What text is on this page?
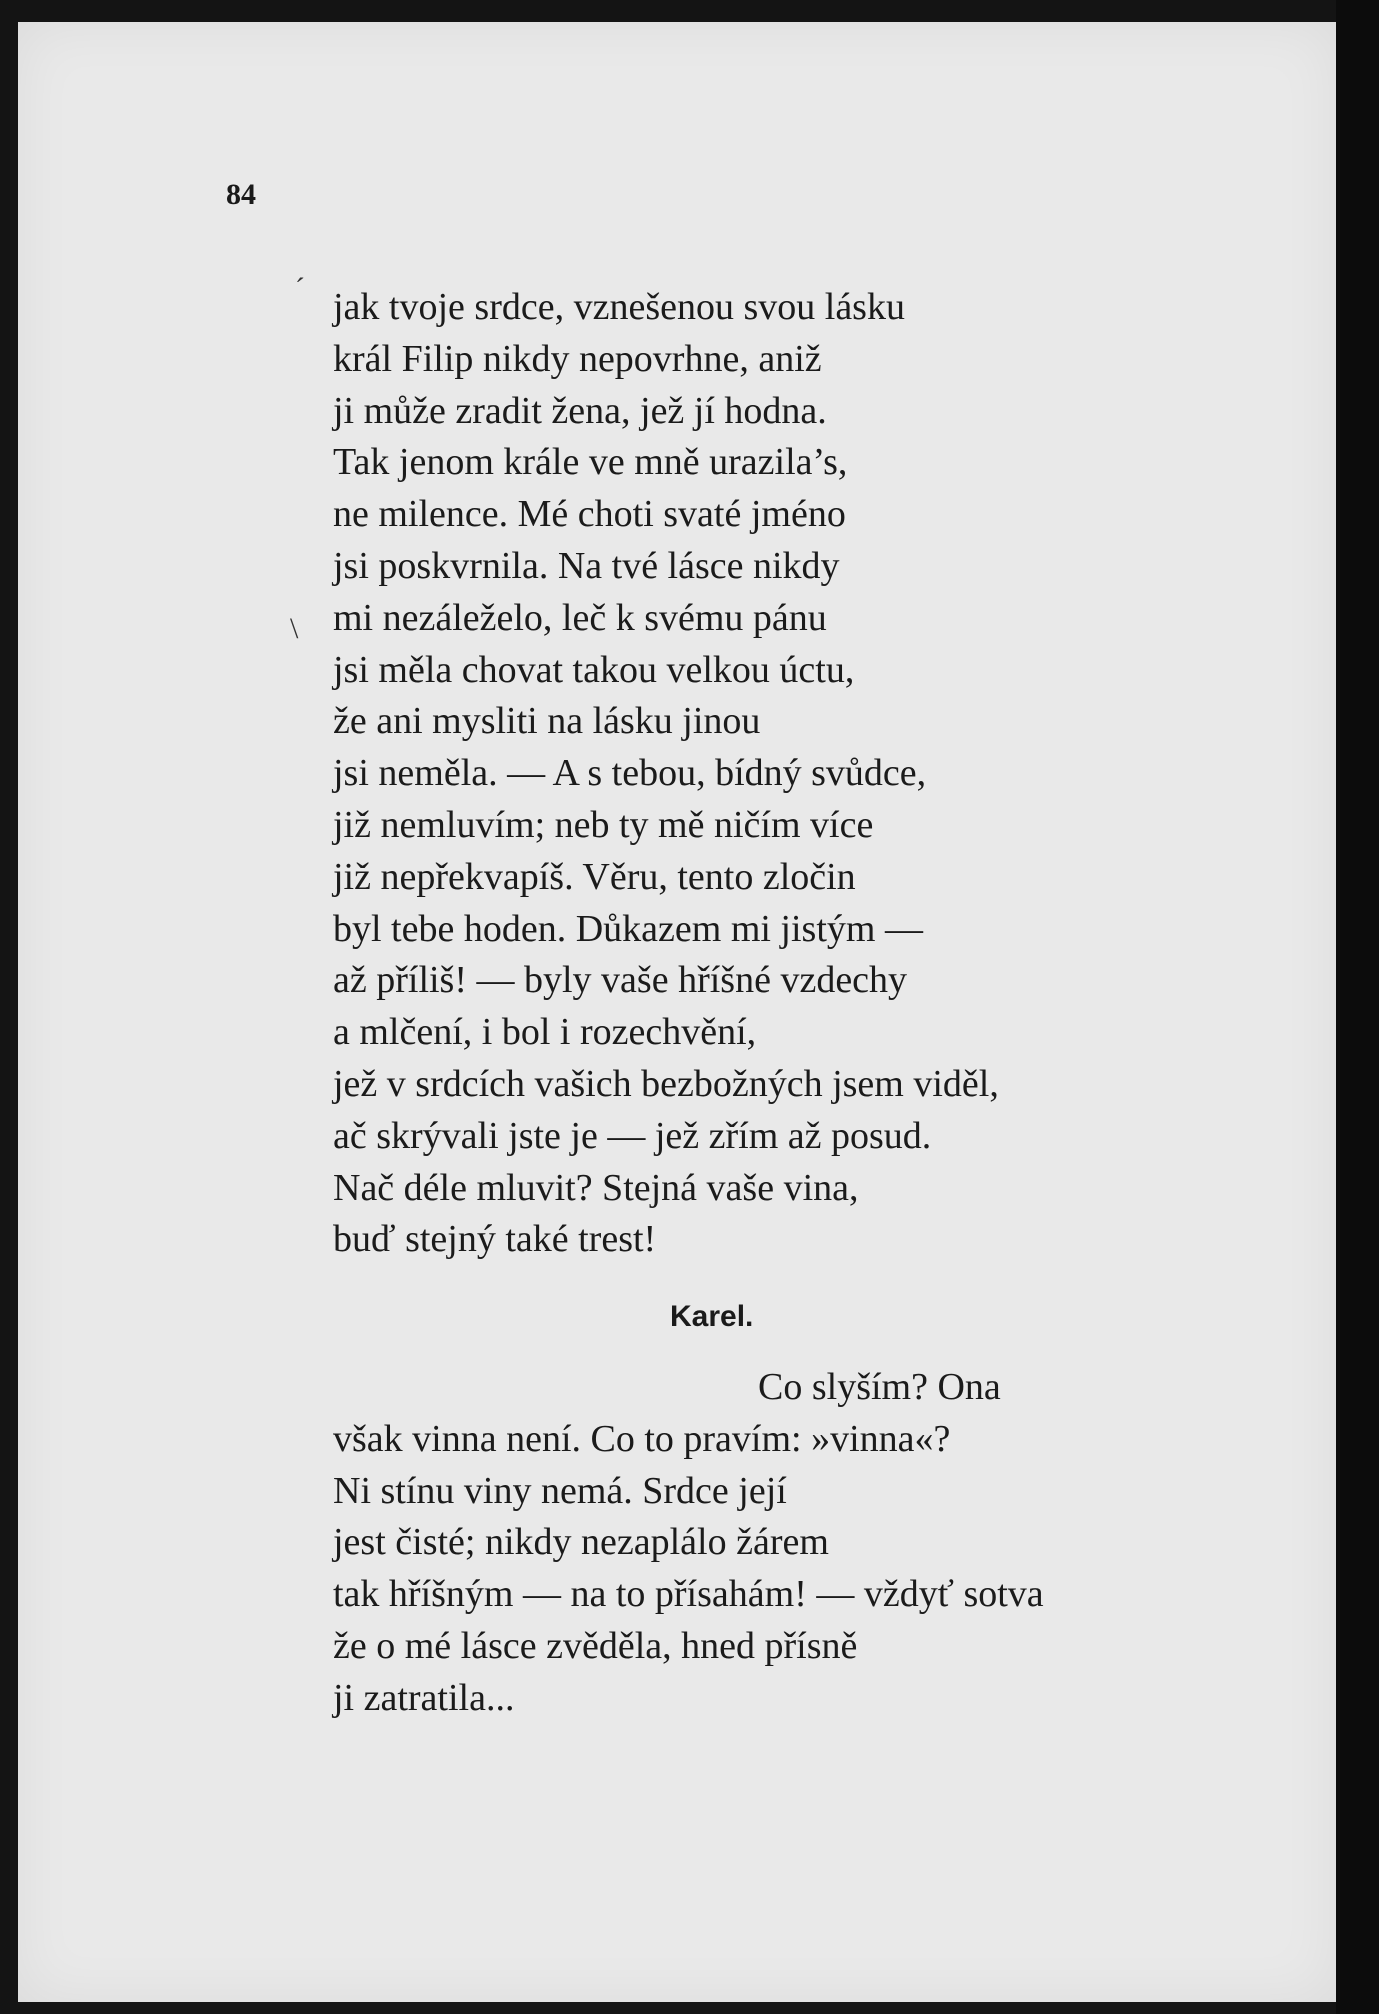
ˊ
\
84
jak tvoje srdce, vznešenou svou lásku
král Filip nikdy nepovrhne, aniž
ji může zradit žena, jež jí hodna.
Tak jenom krále ve mně urazila’s,
ne milence. Mé choti svaté jméno
jsi poskvrnila. Na tvé lásce nikdy
mi nezáleželo, leč k svému pánu
jsi měla chovat takou velkou úctu,
že ani mysliti na lásku jinou
jsi neměla. — A s tebou, bídný svůdce,
již nemluvím; neb ty mě ničím více
již nepřekvapíš. Věru, tento zločin
byl tebe hoden. Důkazem mi jistým —
až příliš! — byly vaše hříšné vzdechy
a mlčení, i bol i rozechvění,
jež v srdcích vašich bezbožných jsem viděl,
ač skrývali jste je — jež zřím až posud.
Nač déle mluvit? Stejná vaše vina,
buď stejný také trest!
Karel.
Co slyším? Ona
však vinna není. Co to pravím: »vinna«?
Ni stínu viny nemá. Srdce její
jest čisté; nikdy nezaplálo žárem
tak hříšným — na to přísahám! — vždyť sotva
že o mé lásce zvěděla, hned přísně
ji zatratila...
